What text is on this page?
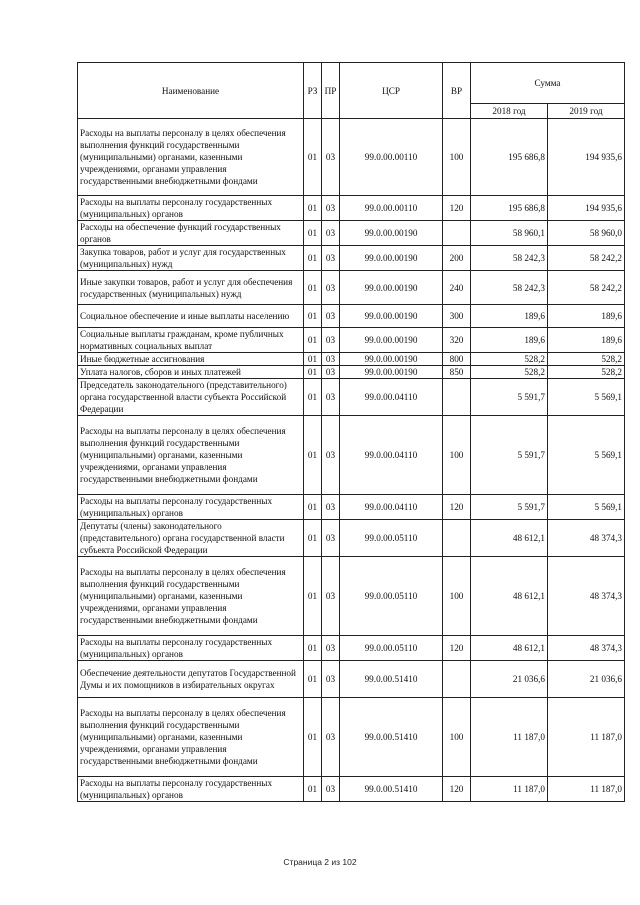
Наименование	РЗ	ПР	ЦСР	ВР	Сумма	
					2018 год	2019 год
Расходы на выплаты персоналу в целях обеспечения выполнения функций государственными (муниципальными) органами, казенными учреждениями, органами управления государственными внебюджетными фондами	01	03	99.0.00.00110	100	195 686,8	194 935,6
Расходы на выплаты персоналу государственных (муниципальных) органов	01	03	99.0.00.00110	120	195 686,8	194 935,6
Расходы на обеспечение функций государственных органов	01	03	99.0.00.00190		58 960,1	58 960,0
Закупка товаров, работ и услуг для государственных (муниципальных) нужд	01	03	99.0.00.00190	200	58 242,3	58 242,2
Иные закупки товаров, работ и услуг для обеспечения государственных (муниципальных) нужд	01	03	99.0.00.00190	240	58 242,3	58 242,2
Социальное обеспечение и иные выплаты населению	01	03	99.0.00.00190	300	189,6	189,6
Социальные выплаты гражданам, кроме публичных нормативных социальных выплат	01	03	99.0.00.00190	320	189,6	189,6
Иные бюджетные ассигнования	01	03	99.0.00.00190	800	528,2	528,2
Уплата налогов, сборов и иных платежей	01	03	99.0.00.00190	850	528,2	528,2
Председатель законодательного (представительного) органа государственной власти субъекта Российской Федерации	01	03	99.0.00.04110		5 591,7	5 569,1
Расходы на выплаты персоналу в целях обеспечения выполнения функций государственными (муниципальными) органами, казенными учреждениями, органами управления государственными внебюджетными фондами	01	03	99.0.00.04110	100	5 591,7	5 569,1
Расходы на выплаты персоналу государственных (муниципальных) органов	01	03	99.0.00.04110	120	5 591,7	5 569,1
Депутаты (члены) законодательного (представительного) органа государственной власти субъекта Российской Федерации	01	03	99.0.00.05110		48 612,1	48 374,3
Расходы на выплаты персоналу в целях обеспечения выполнения функций государственными (муниципальными) органами, казенными учреждениями, органами управления государственными внебюджетными фондами	01	03	99.0.00.05110	100	48 612,1	48 374,3
Расходы на выплаты персоналу государственных (муниципальных) органов	01	03	99.0.00.05110	120	48 612,1	48 374,3
Обеспечение деятельности депутатов Государственной Думы и их помощников в избирательных округах	01	03	99.0.00.51410		21 036,6	21 036,6
Расходы на выплаты персоналу в целях обеспечения выполнения функций государственными (муниципальными) органами, казенными учреждениями, органами управления государственными внебюджетными фондами	01	03	99.0.00.51410	100	11 187,0	11 187,0
Расходы на выплаты персоналу государственных (муниципальных) органов	01	03	99.0.00.51410	120	11 187,0	11 187,0
Страница 2 из 102
